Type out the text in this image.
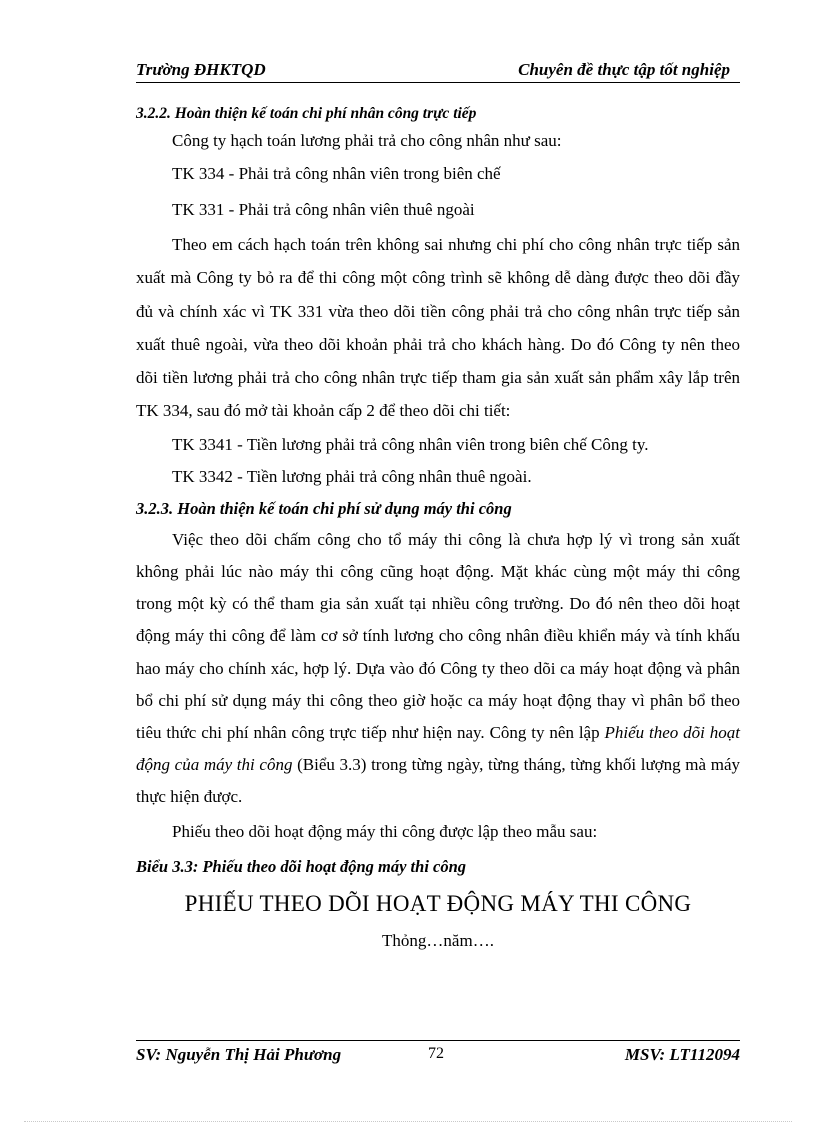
Trường ĐHKTQD	Chuyên đề thực tập tốt nghiệp

3.2.2. Hoàn thiện kế toán chi phí nhân công trực tiếp

Công ty hạch toán lương phải trả cho công nhân như sau:

TK 334 - Phải trả công nhân viên trong biên chế

TK 331 - Phải trả công nhân viên thuê ngoài

Theo em cách hạch toán trên không sai nhưng chi phí cho công nhân trực tiếp sản xuất mà Công ty bỏ ra để thi công một công trình sẽ không dễ dàng được theo dõi đầy đủ và chính xác vì TK 331 vừa theo dõi tiền công phải trả cho công nhân trực tiếp sản xuất thuê ngoài, vừa theo dõi khoản phải trả cho khách hàng. Do đó Công ty nên theo dõi tiền lương phải trả cho công nhân trực tiếp tham gia sản xuất sản phẩm xây lắp trên TK 334, sau đó mở tài khoản cấp 2 để theo dõi chi tiết:

TK 3341 - Tiền lương phải trả công nhân viên trong biên chế Công ty.

TK 3342 - Tiền lương phải trả công nhân thuê ngoài.

3.2.3. Hoàn thiện kế toán chi phí sử dụng máy thi công

Việc theo dõi chấm công cho tổ máy thi công là chưa hợp lý vì trong sản xuất không phải lúc nào máy thi công cũng hoạt động. Mặt khác cùng một máy thi công trong một kỳ có thể tham gia sản xuất tại nhiều công trường. Do đó nên theo dõi hoạt động máy thi công để làm cơ sở tính lương cho công nhân điều khiển máy và tính khấu hao máy cho chính xác, hợp lý. Dựa vào đó Công ty theo dõi ca máy hoạt động và phân bổ chi phí sử dụng máy thi công theo giờ hoặc ca máy hoạt động thay vì phân bổ theo tiêu thức chi phí nhân công trực tiếp như hiện nay. Công ty nên lập Phiếu theo dõi hoạt động của máy thi công (Biểu 3.3) trong từng ngày, từng tháng, từng khối lượng mà máy thực hiện được.

Phiếu theo dõi hoạt động máy thi công được lập theo mẫu sau:

Biểu 3.3: Phiếu theo dõi hoạt động máy thi công

PHIẾU THEO DÕI HOẠT ĐỘNG MÁY THI CÔNG

Thỏng…năm….

SV: Nguyễn Thị Hải Phương	72	MSV: LT112094
